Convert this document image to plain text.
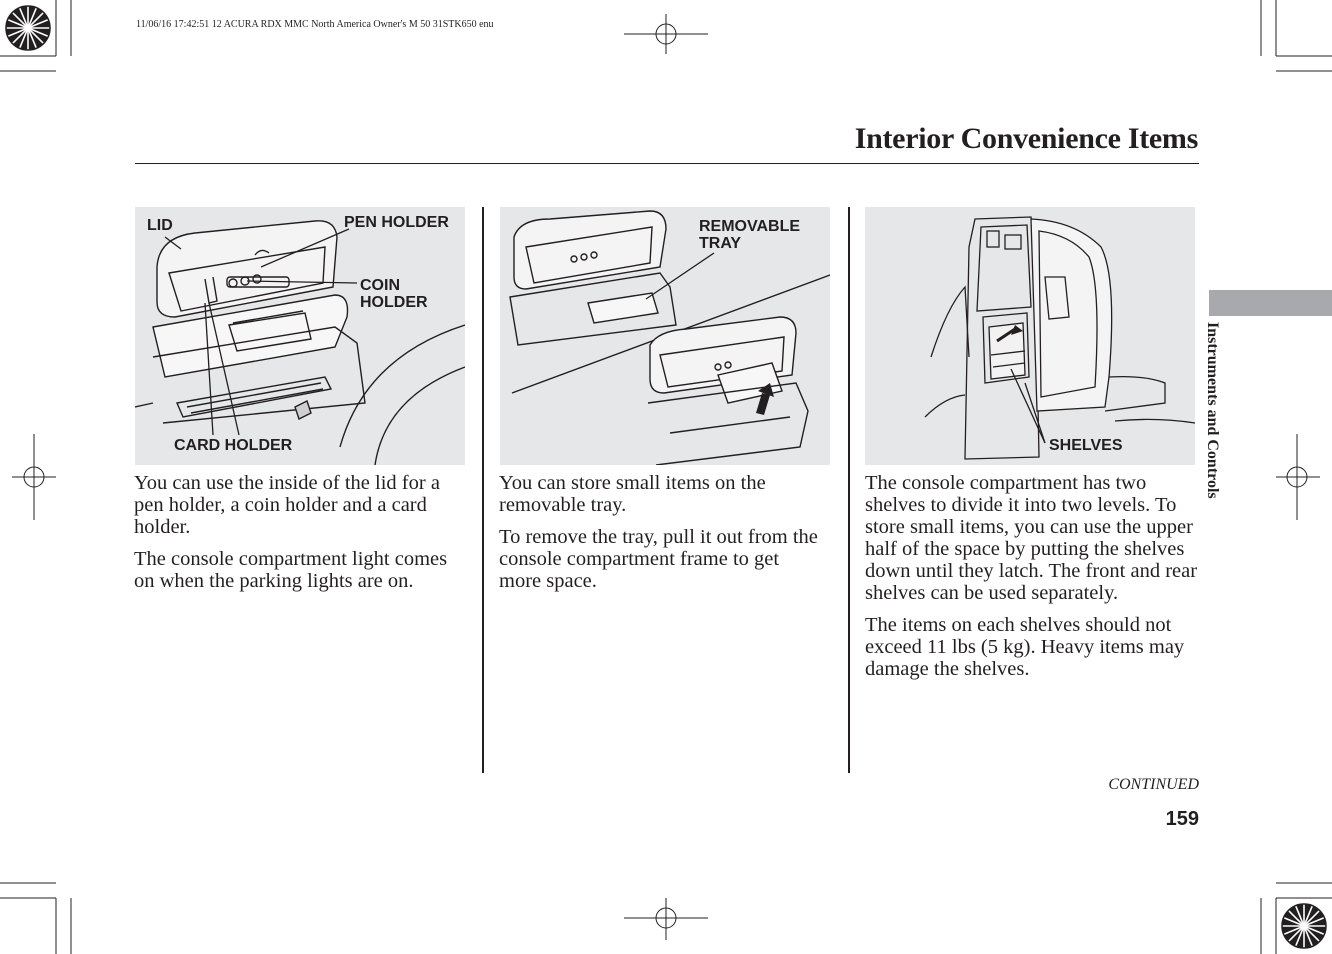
11/06/16 17:42:51 12 ACURA RDX MMC North America Owner's M 50 31STK650 enu
Interior Convenience Items
LID	PEN HOLDER
COIN
HOLDER
CARD HOLDER
REMOVABLE
TRAY
SHELVES

You can use the inside of the lid for a pen holder, a coin holder and a card holder.

The console compartment light comes on when the parking lights are on.

You can store small items on the removable tray.

To remove the tray, pull it out from the console compartment frame to get more space.

The console compartment has two shelves to divide it into two levels. To store small items, you can use the upper half of the space by putting the shelves down until they latch. The front and rear shelves can be used separately.

The items on each shelves should not exceed 11 lbs (5 kg). Heavy items may damage the shelves.

Instruments and Controls
CONTINUED
159
